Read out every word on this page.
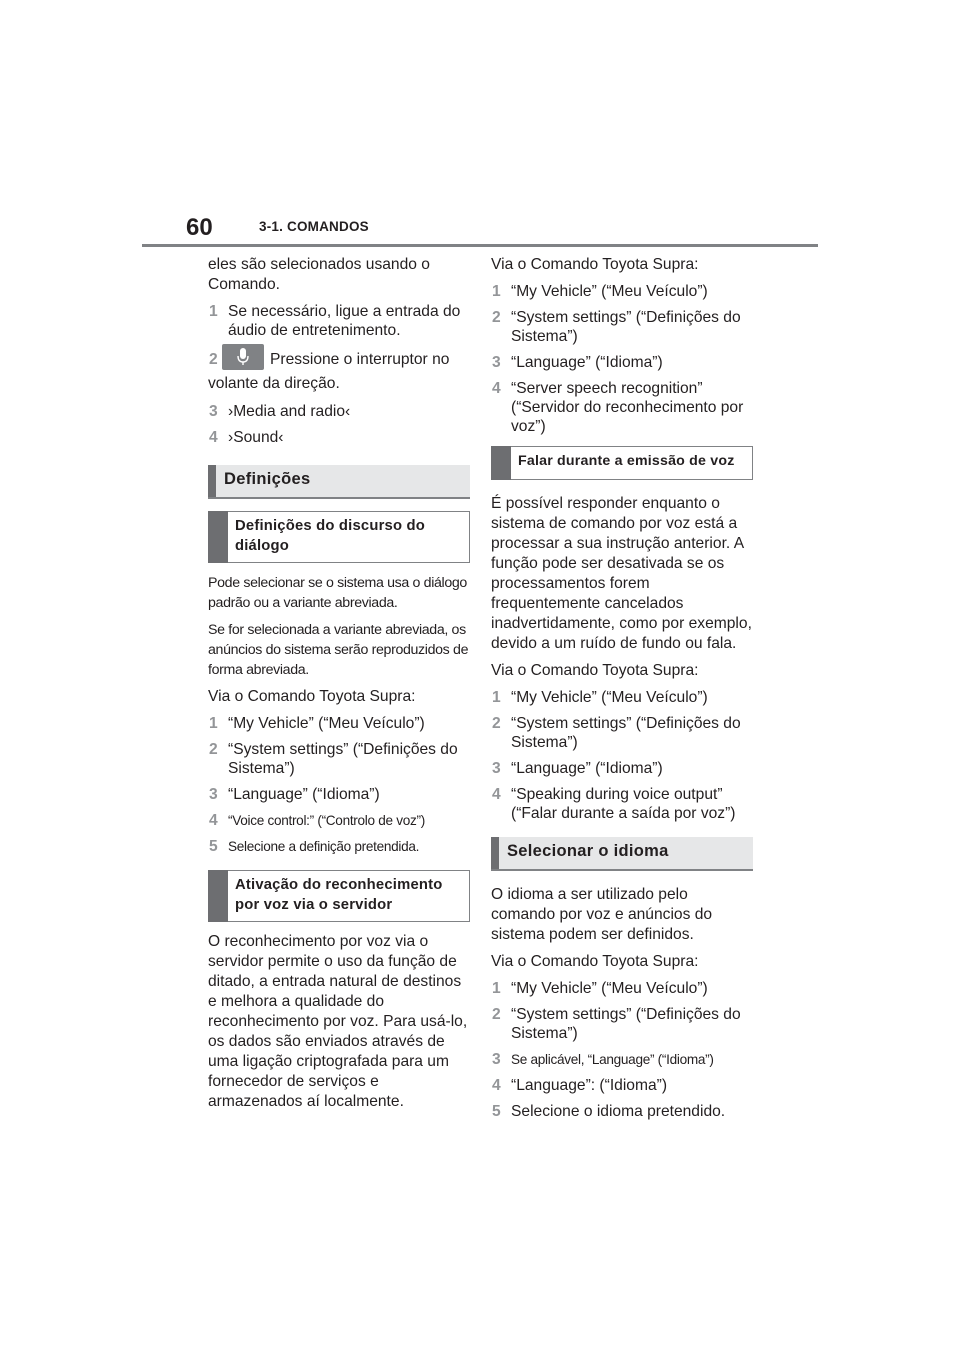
60	3-1. COMANDOS

eles são selecionados usando o Comando.

1 Se necessário, ligue a entrada do áudio de entretenimento.
2	Pressione o interruptor no volante da direção.
3 ›Media and radio‹
4 ›Sound‹
Definições
Definições do discurso do diálogo

Pode selecionar se o sistema usa o diálogo padrão ou a variante abreviada.

Se for selecionada a variante abreviada, os anúncios do sistema serão reproduzidos de forma abreviada.

Via o Comando Toyota Supra:

1 “My Vehicle” (“Meu Veículo”)
2 “System settings” (“Definições do Sistema”)
3 “Language” (“Idioma”)
4 “Voice control:” (“Controlo de voz”)
5 Selecione a definição pretendida.
Ativação do reconhecimento por voz via o servidor

O reconhecimento por voz via o servidor permite o uso da função de ditado, a entrada natural de destinos e melhora a qualidade do reconhecimento por voz. Para usá-lo, os dados são enviados através de uma ligação criptografada para um fornecedor de serviços e armazenados aí localmente.

Via o Comando Toyota Supra:

1 “My Vehicle” (“Meu Veículo”)
2 “System settings” (“Definições do Sistema”)
3 “Language” (“Idioma”)
4 “Server speech recognition” (“Servidor do reconhecimento por voz”)
Falar durante a emissão de voz

É possível responder enquanto o sistema de comando por voz está a processar a sua instrução anterior. A função pode ser desativada se os processamentos forem frequentemente cancelados inadvertidamente, como por exemplo, devido a um ruído de fundo ou fala.

Via o Comando Toyota Supra:

1 “My Vehicle” (“Meu Veículo”)
2 “System settings” (“Definições do Sistema”)
3 “Language” (“Idioma”)
4 “Speaking during voice output” (“Falar durante a saída por voz”)
Selecionar o idioma

O idioma a ser utilizado pelo comando por voz e anúncios do sistema podem ser definidos.

Via o Comando Toyota Supra:

1 “My Vehicle” (“Meu Veículo”)
2 “System settings” (“Definições do Sistema”)
3 Se aplicável, “Language” (“Idioma”)
4 “Language”: (“Idioma”)
5 Selecione o idioma pretendido.
